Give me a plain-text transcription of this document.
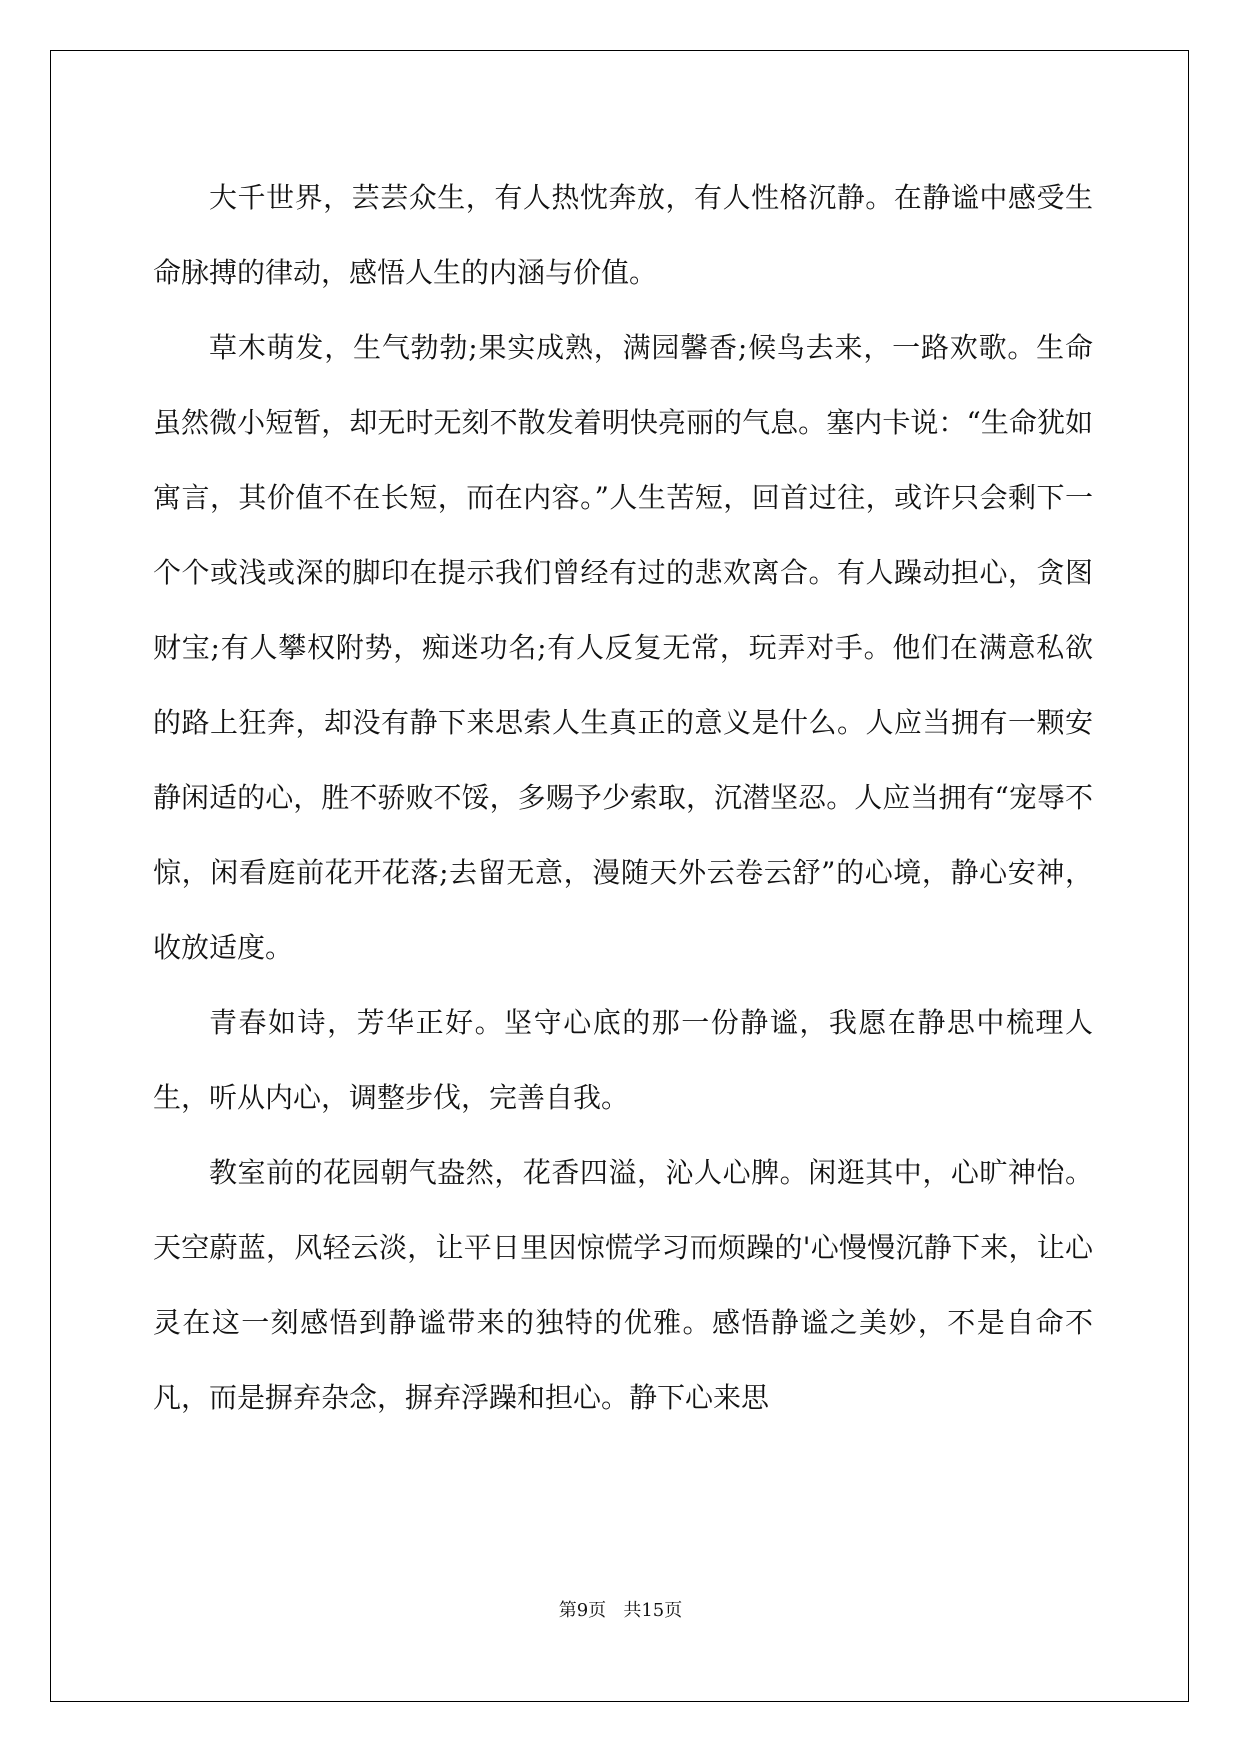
大千世界，芸芸众生，有人热忱奔放，有人性格沉静。在静谧中感受生命脉搏的律动，感悟人生的内涵与价值。

草木萌发，生气勃勃;果实成熟，满园馨香;候鸟去来，一路欢歌。生命虽然微小短暂，却无时无刻不散发着明快亮丽的气息。塞内卡说：“生命犹如寓言，其价值不在长短，而在内容。”人生苦短，回首过往，或许只会剩下一个个或浅或深的脚印在提示我们曾经有过的悲欢离合。有人躁动担心，贪图财宝;有人攀权附势，痴迷功名;有人反复无常，玩弄对手。他们在满意私欲的路上狂奔，却没有静下来思索人生真正的意义是什么。人应当拥有一颗安静闲适的心，胜不骄败不馁，多赐予少索取，沉潜坚忍。人应当拥有“宠辱不惊，闲看庭前花开花落;去留无意，漫随天外云卷云舒”的心境，静心安神，收放适度。

青春如诗，芳华正好。坚守心底的那一份静谧，我愿在静思中梳理人生，听从内心，调整步伐，完善自我。

教室前的花园朝气盎然，花香四溢，沁人心脾。闲逛其中，心旷神怡。天空蔚蓝，风轻云淡，让平日里因惊慌学习而烦躁的'心慢慢沉静下来，让心灵在这一刻感悟到静谧带来的独特的优雅。感悟静谧之美妙，不是自命不凡，而是摒弃杂念，摒弃浮躁和担心。静下心来思

第9页   共15页
